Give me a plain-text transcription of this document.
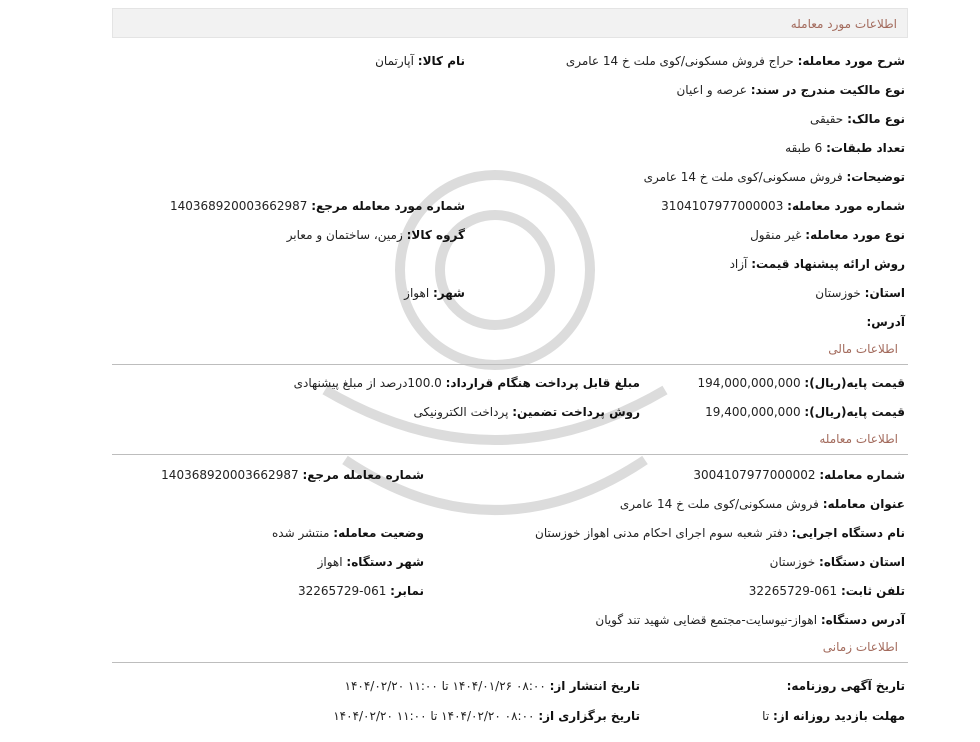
اطلاعات مورد معامله
شرح مورد معامله: حراج فروش مسکونی/کوی ملت خ 14 عامری
نام کالا: آپارتمان
نوع مالکیت مندرج در سند: عرصه و اعیان
نوع مالک: حقیقی
تعداد طبقات: 6 طبقه
توضیحات: فروش مسکونی/کوی ملت خ 14 عامری
شماره مورد معامله: 3104107977000003
شماره مورد معامله مرجع: 140368920003662987
نوع مورد معامله: غیر منقول
گروه کالا: زمین، ساختمان و معابر
روش ارائه پیشنهاد قیمت: آزاد
استان: خوزستان
شهر: اهواز
آدرس:
اطلاعات مالی
قیمت پایه(ریال): 194,000,000,000
مبلغ قابل پرداخت هنگام قرارداد: 100.0درصد از مبلغ پیشنهادی
قیمت پایه(ریال): 19,400,000,000
روش پرداخت تضمین: پرداخت الکترونیکی
اطلاعات معامله
شماره معامله: 3004107977000002
شماره معامله مرجع: 140368920003662987
عنوان معامله: فروش مسکونی/کوی ملت خ 14 عامری
نام دستگاه اجرایی: دفتر شعبه سوم اجرای احکام مدنی اهواز خوزستان
وضعیت معامله: منتشر شده
استان دستگاه: خوزستان
شهر دستگاه: اهواز
تلفن ثابت: 061-32265729
نمابر: 061-32265729
آدرس دستگاه: اهواز-نیوسایت-مجتمع قضایی شهید تند گویان
اطلاعات زمانی
تاریخ آگهی روزنامه:
تاریخ انتشار از: ۰۸:۰۰ ۱۴۰۴/۰۱/۲۶ تا ۱۱:۰۰ ۱۴۰۴/۰۲/۲۰
مهلت بازدید روزانه از: تا
تاریخ برگزاری از: ۰۸:۰۰ ۱۴۰۴/۰۲/۲۰ تا ۱۱:۰۰ ۱۴۰۴/۰۲/۲۰
